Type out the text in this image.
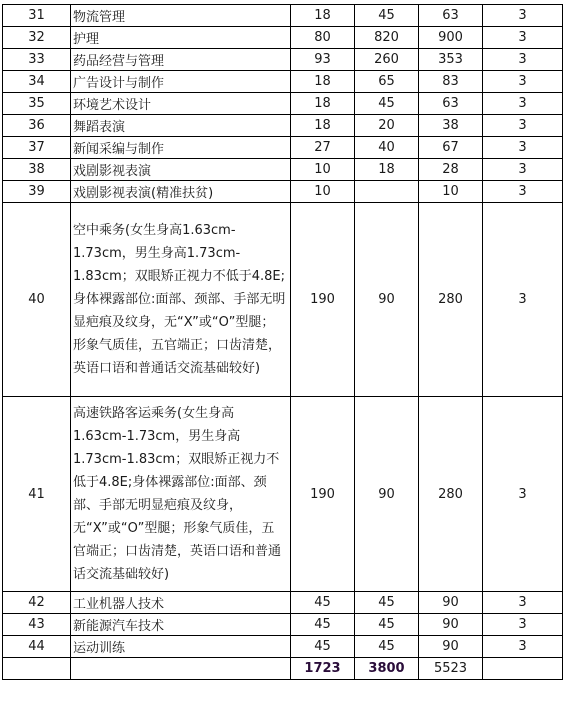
31	物流管理	18	45	63	3
32	护理	80	820	900	3
33	药品经营与管理	93	260	353	3
34	广告设计与制作	18	65	83	3
35	环境艺术设计	18	45	63	3
36	舞蹈表演	18	20	38	3
37	新闻采编与制作	27	40	67	3
38	戏剧影视表演	10	18	28	3
39	戏剧影视表演(精准扶贫)	10		10	3
40	空中乘务(女生身高1.63cm-1.73cm，男生身高1.73cm-1.83cm；双眼矫正视力不低于4.8E;身体裸露部位:面部、颈部、手部无明显疤痕及纹身，无“X”或“O”型腿；形象气质佳，五官端正；口齿清楚，英语口语和普通话交流基础较好)	190	90	280	3
41	高速铁路客运乘务(女生身高1.63cm-1.73cm，男生身高1.73cm-1.83cm；双眼矫正视力不低于4.8E;身体裸露部位:面部、颈部、手部无明显疤痕及纹身，无“X”或“O”型腿；形象气质佳，五官端正；口齿清楚，英语口语和普通话交流基础较好)	190	90	280	3
42	工业机器人技术	45	45	90	3
43	新能源汽车技术	45	45	90	3
44	运动训练	45	45	90	3
		1723	3800	5523	
